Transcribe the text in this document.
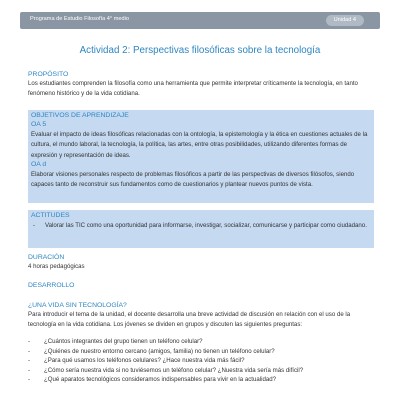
Programa de Estudio Filosofía 4° medio	Unidad 4
Actividad 2: Perspectivas filosóficas sobre la tecnología
PROPÓSITO
Los estudiantes comprenden la filosofía como una herramienta que permite interpretar críticamente la tecnología, en tanto fenómeno histórico y de la vida cotidiana.
OBJETIVOS DE APRENDIZAJE
OA 5
Evaluar el impacto de ideas filosóficas relacionadas con la ontología, la epistemología y la ética en cuestiones actuales de la cultura, el mundo laboral, la tecnología, la política, las artes, entre otras posibilidades, utilizando diferentes formas de expresión y representación de ideas.
OA d
Elaborar visiones personales respecto de problemas filosóficos a partir de las perspectivas de diversos filósofos, siendo capaces tanto de reconstruir sus fundamentos como de cuestionarios y plantear nuevos puntos de vista.
ACTITUDES
- Valorar las TIC como una oportunidad para informarse, investigar, socializar, comunicarse y participar como ciudadano.
DURACIÓN
4 horas pedagógicas
DESARROLLO
¿UNA VIDA SIN TECNOLOGÍA?
Para introducir el tema de la unidad, el docente desarrolla una breve actividad de discusión en relación con el uso de la tecnología en la vida cotidiana. Los jóvenes se dividen en grupos y discuten las siguientes preguntas:
- ¿Cuántos integrantes del grupo tienen un teléfono celular?
- ¿Quiénes de nuestro entorno cercano (amigos, familia) no tienen un teléfono celular?
- ¿Para qué usamos los teléfonos celulares? ¿Hace nuestra vida más fácil?
- ¿Cómo sería nuestra vida si no tuviésemos un teléfono celular? ¿Nuestra vida sería más difícil?
- ¿Qué aparatos tecnológicos consideramos indispensables para vivir en la actualidad?
